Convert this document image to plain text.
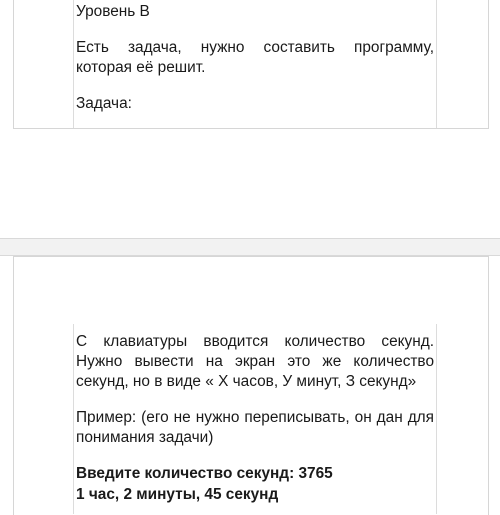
Уровень B

Есть задача, нужно составить программу, которая её решит.

Задача:

С клавиатуры вводится количество секунд. Нужно вывести на экран это же количество секунд, но в виде « Х часов, У минут, З секунд»

Пример: (его не нужно переписывать, он дан для понимания задачи)

Введите количество секунд: 3765

1 час, 2 минуты, 45 секунд
